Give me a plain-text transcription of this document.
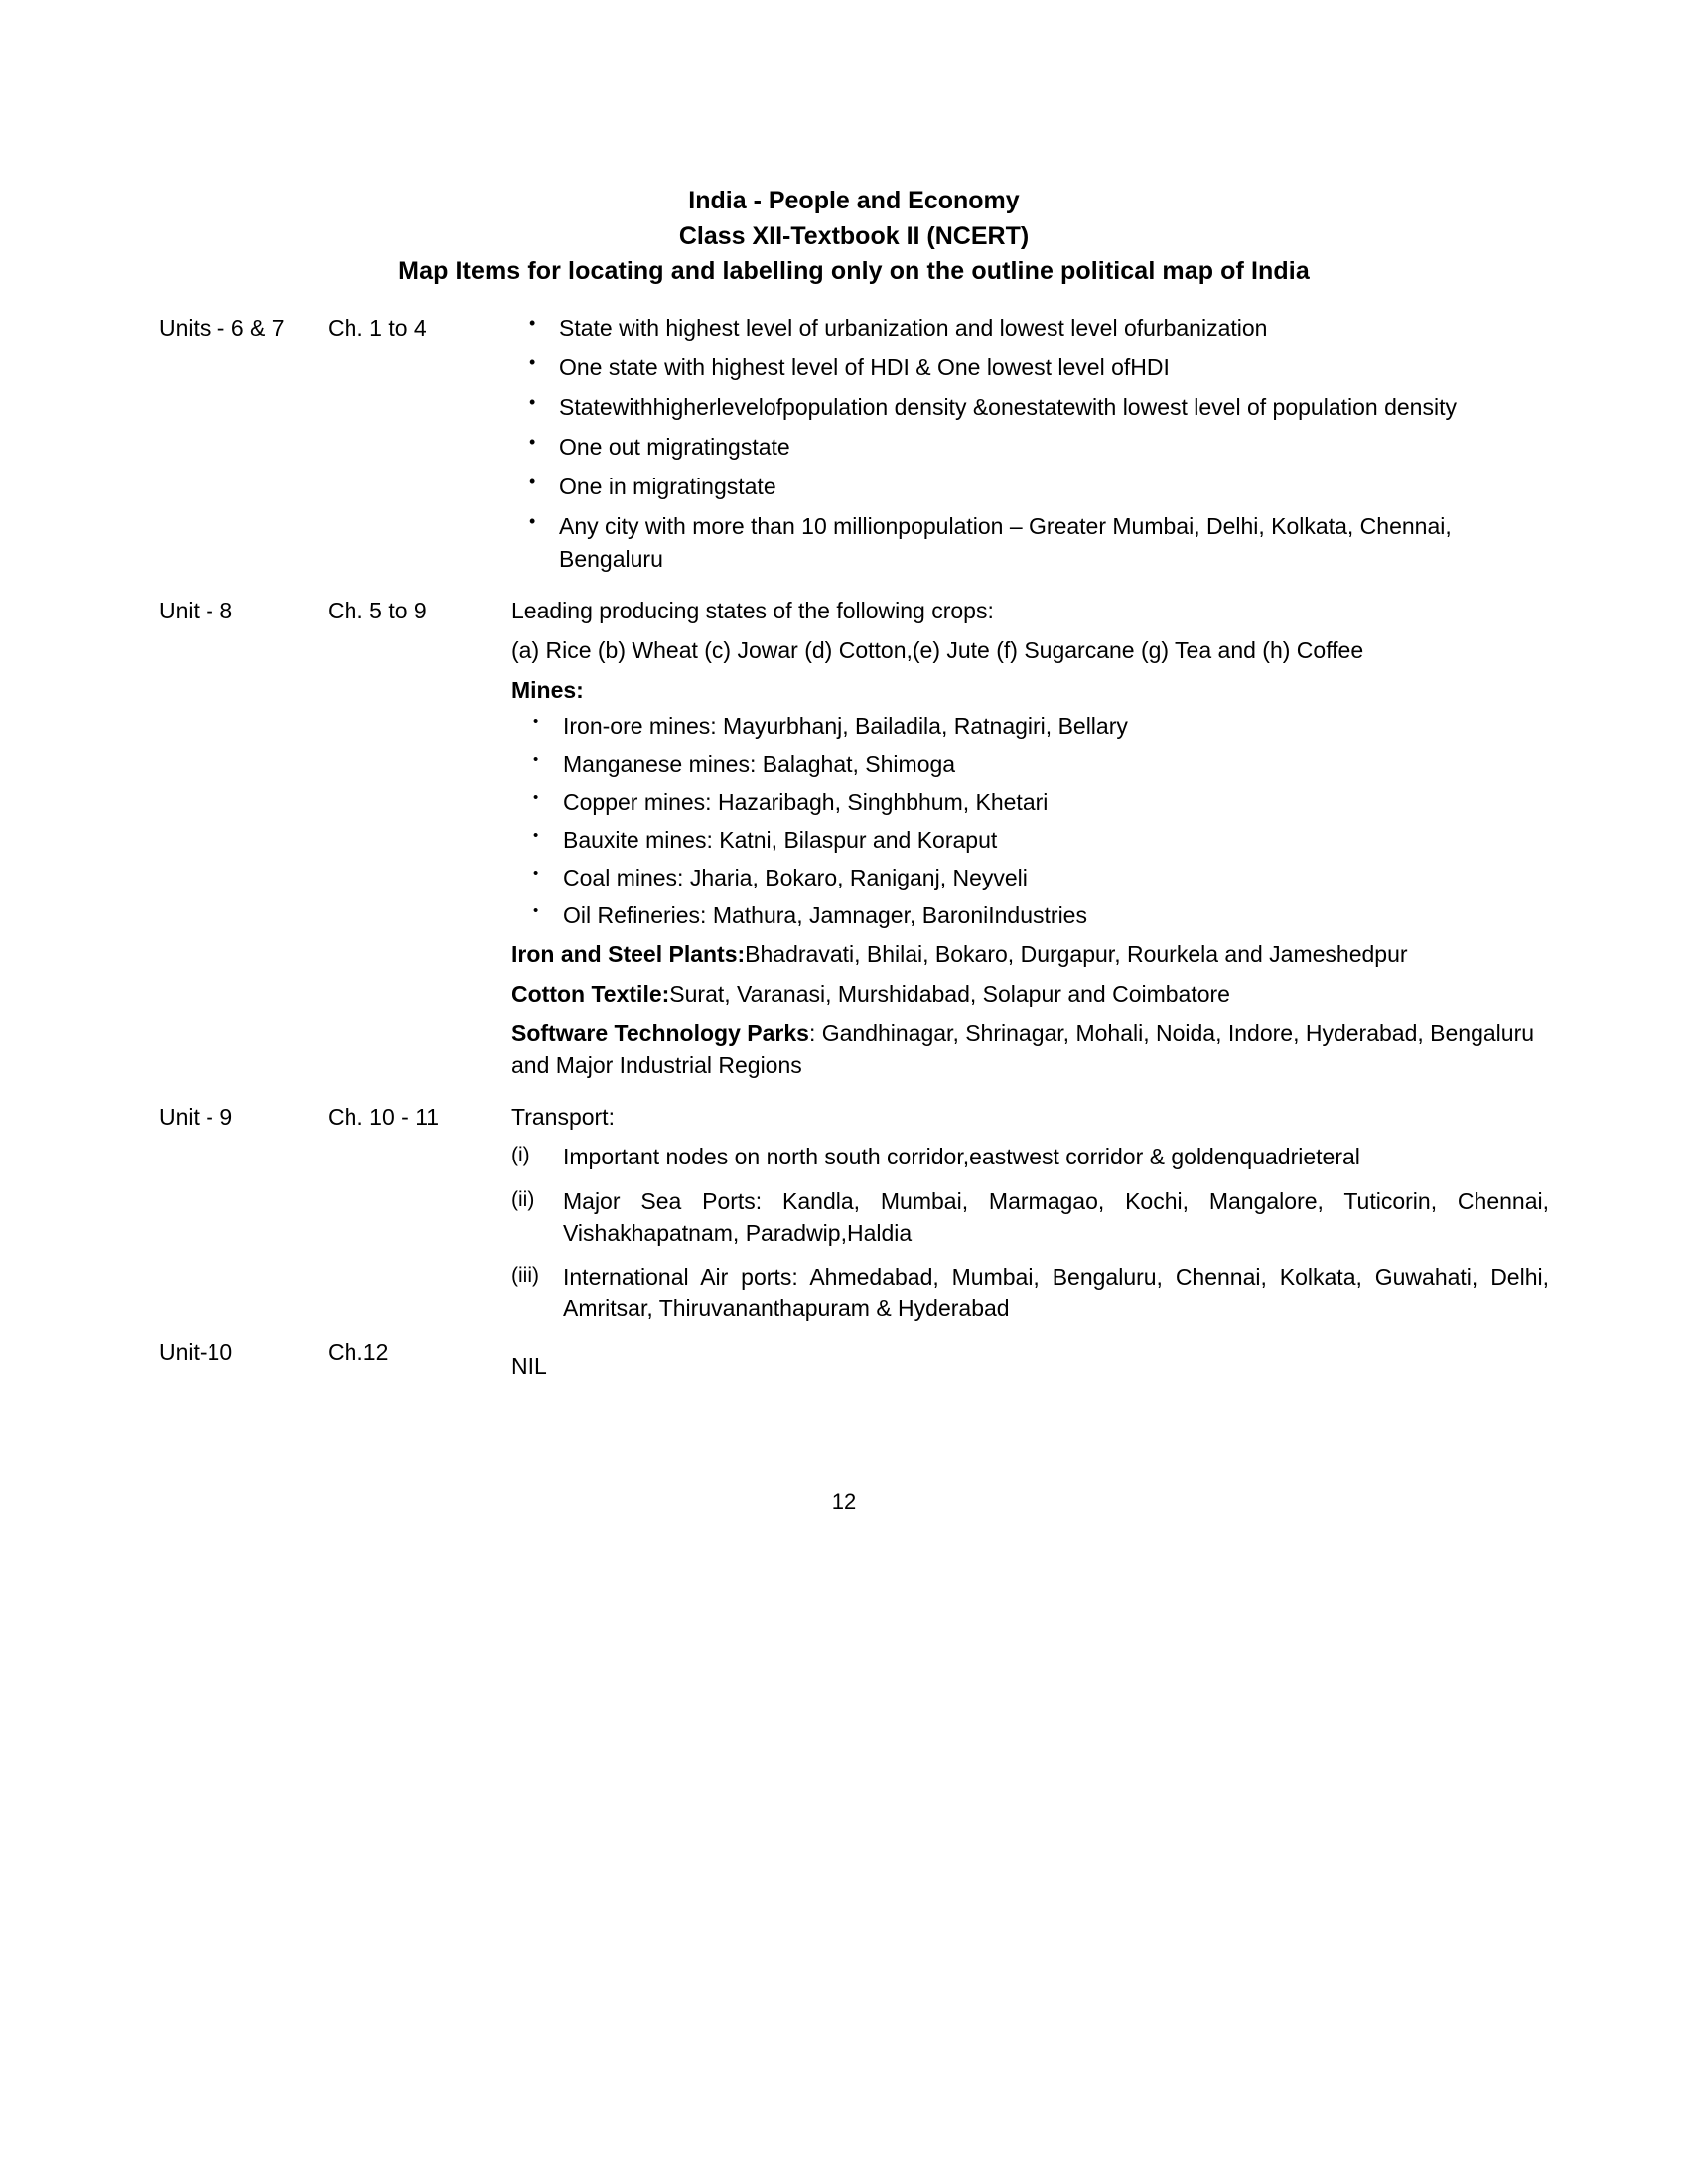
India - People and Economy
Class XII-Textbook II (NCERT)
Map Items for locating and labelling only on the outline political map of India
Units - 6 & 7	Ch. 1 to 4	
•State with highest level of urbanization and lowest level ofurbanization
• One state with highest level of HDI & One lowest level ofHDI
• Statewithhigherlevelofpopulation density &onestatewith lowest level of population density
• One out migratingstate
• One in migratingstate
• Any city with more than 10 millionpopulation – Greater Mumbai, Delhi, Kolkata, Chennai, Bengaluru

Unit - 8	Ch. 5 to 9	Leading producing states of the following crops:

(a) Rice (b) Wheat (c) Jowar (d) Cotton,(e) Jute (f) Sugarcane (g) Tea and (h) Coffee

Mines:

• Iron-ore mines: Mayurbhanj, Bailadila, Ratnagiri, Bellary
• Manganese mines: Balaghat, Shimoga
• Copper mines: Hazaribagh, Singhbhum, Khetari
• Bauxite mines: Katni, Bilaspur and Koraput
• Coal mines: Jharia, Bokaro, Raniganj, Neyveli
• Oil Refineries: Mathura, Jamnager, BaroniIndustries

Iron and Steel Plants:Bhadravati, Bhilai, Bokaro, Durgapur, Rourkela and Jameshedpur

Cotton Textile:Surat, Varanasi, Murshidabad, Solapur and Coimbatore

Software Technology Parks: Gandhinagar, Shrinagar, Mohali, Noida, Indore, Hyderabad, Bengaluru and Major Industrial Regions

Unit - 9	Ch. 10 - 11	Transport:

(i) Important nodes on north south corridor,eastwest corridor & goldenquadrieteral
(ii) Major Sea Ports: Kandla, Mumbai, Marmagao, Kochi, Mangalore, Tuticorin, Chennai, Vishakhapatnam, Paradwip,Haldia
(iii) International Air ports: Ahmedabad, Mumbai, Bengaluru, Chennai, Kolkata, Guwahati, Delhi, Amritsar, Thiruvananthapuram & Hyderabad

Unit-10	Ch.12	NIL
12
